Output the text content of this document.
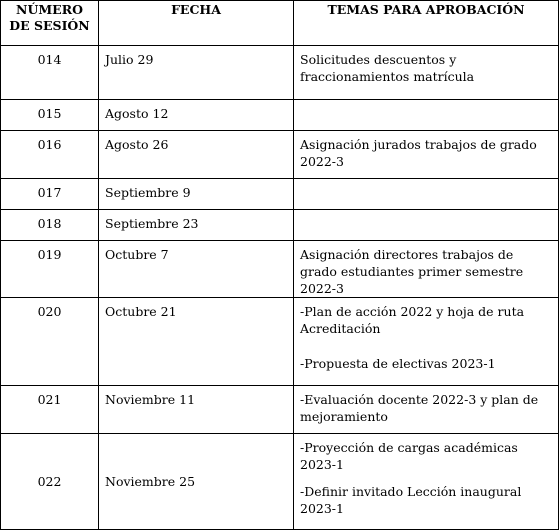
NÚMERO DE SESIÓN	FECHA	TEMAS PARA APROBACIÓN
014	Julio 29	Solicitudes descuentos y fraccionamientos matrícula

015	Agosto 12	
016	Agosto 26	Asignación jurados trabajos de grado 2022-3

017	Septiembre 9	
018	Septiembre 23	
019	Octubre 7	Asignación directores trabajos de grado estudiantes primer semestre 2022-3

020	Octubre 21	-Plan de acción 2022 y hoja de ruta Acreditación
-Propuesta de electivas 2023-1

021	Noviembre 11	-Evaluación docente 2022-3 y plan de mejoramiento

022	Noviembre 25	-Proyección de cargas académicas 2023-1
-Definir invitado Lección inaugural 2023-1
